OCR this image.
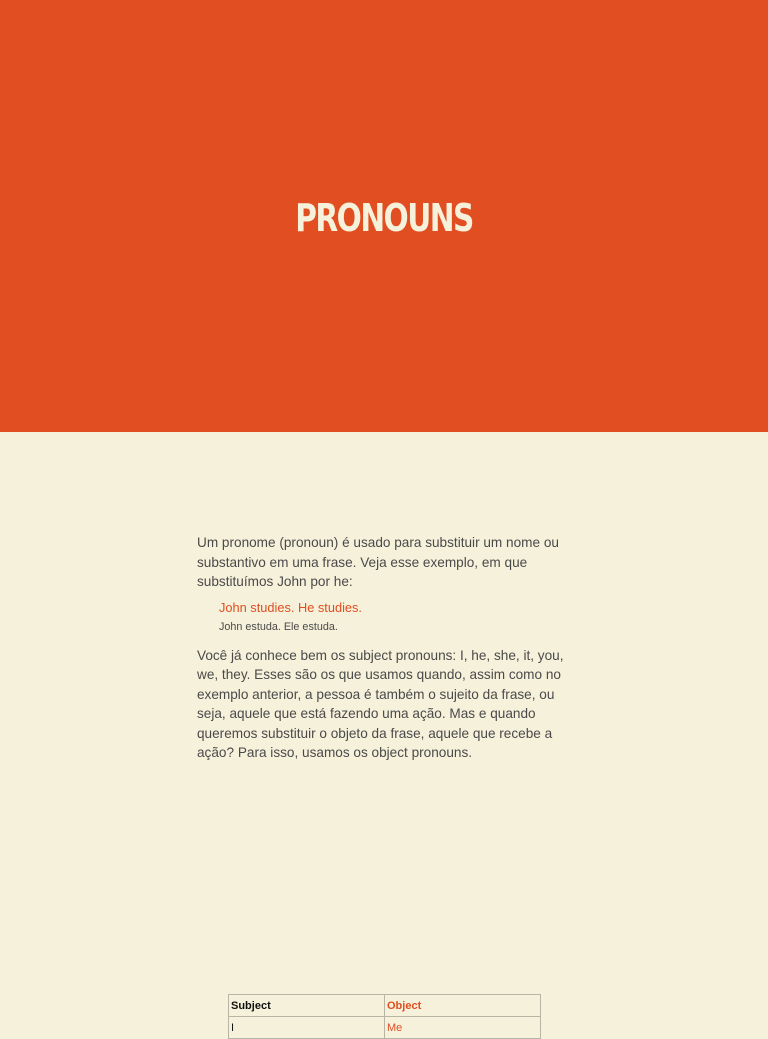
PRONOUNS

Um pronome (pronoun) é usado para substituir um nome ou substantivo em uma frase. Veja esse exemplo, em que substituímos John por he:

John studies. He studies.
John estuda. Ele estuda.

Você já conhece bem os subject pronouns: I, he, she, it, you, we, they. Esses são os que usamos quando, assim como no exemplo anterior, a pessoa é também o sujeito da frase, ou seja, aquele que está fazendo uma ação. Mas e quando queremos substituir o objeto da frase, aquele que recebe a ação? Para isso, usamos os object pronouns.

Subject	Object
I	Me
